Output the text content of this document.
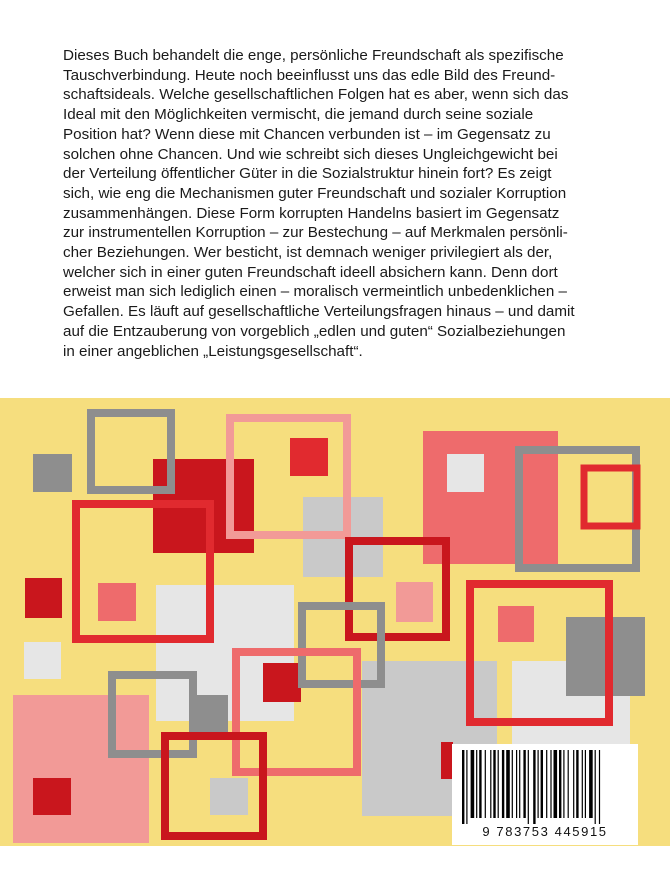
Dieses Buch behandelt die enge, persönliche Freundschaft als spezifische
Tauschverbindung. Heute noch beeinflusst uns das edle Bild des Freund-
schaftsideals. Welche gesellschaftlichen Folgen hat es aber, wenn sich das
Ideal mit den Möglichkeiten vermischt, die jemand durch seine soziale
Position hat? Wenn diese mit Chancen verbunden ist – im Gegensatz zu
solchen ohne Chancen. Und wie schreibt sich dieses Ungleichgewicht bei
der Verteilung öffentlicher Güter in die Sozialstruktur hinein fort? Es zeigt
sich, wie eng die Mechanismen guter Freundschaft und sozialer Korruption
zusammenhängen. Diese Form korrupten Handelns basiert im Gegensatz
zur instrumentellen Korruption – zur Bestechung – auf Merkmalen persönli-
cher Beziehungen. Wer besticht, ist demnach weniger privilegiert als der,
welcher sich in einer guten Freundschaft ideell absichern kann. Denn dort
erweist man sich lediglich einen – moralisch vermeintlich unbedenklichen –
Gefallen. Es läuft auf gesellschaftliche Verteilungsfragen hinaus – und damit
auf die Entzauberung von vorgeblich „edlen und guten“ Sozialbeziehungen
in einer angeblichen „Leistungsgesellschaft“.

9 783753 445915
